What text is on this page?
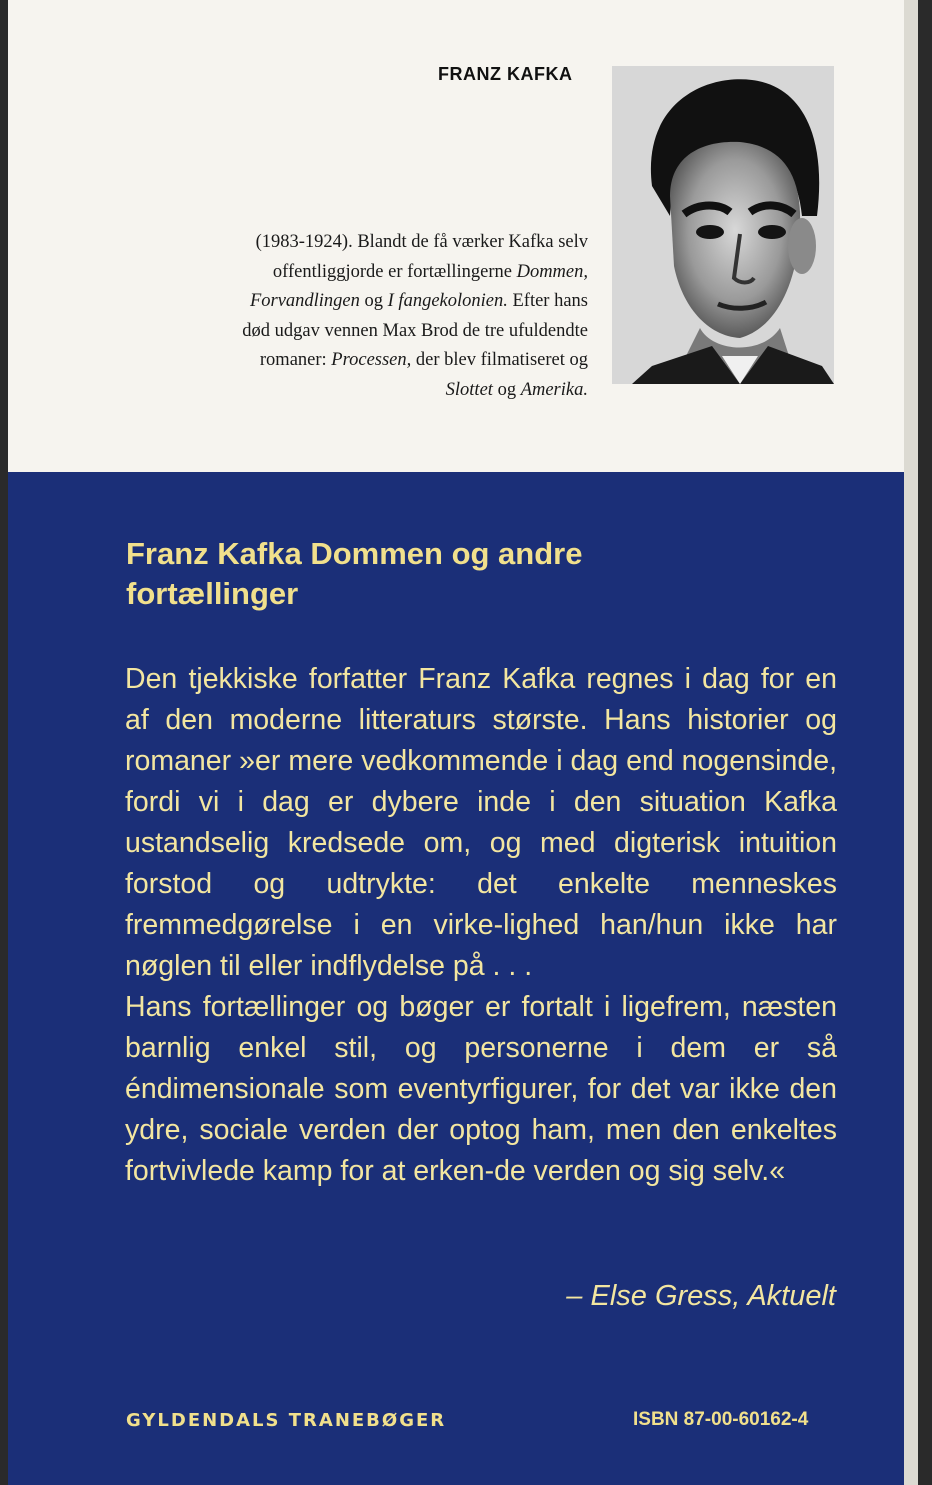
FRANZ KAFKA
(1983-1924). Blandt de få værker Kafka selv
offentliggjorde er fortællingerne Dommen,
Forvandlingen og I fangekolonien. Efter hans
død udgav vennen Max Brod de tre ufuldendte
romaner: Processen, der blev filmatiseret og
Slottet og Amerika.
Franz Kafka Dommen og andre
fortællinger
Den tjekkiske forfatter Franz Kafka regnes i dag for en af den moderne litteraturs største. Hans historier og romaner »er mere vedkommende i dag end nogensinde, fordi vi i dag er dybere inde i den situation Kafka ustandselig kredsede om, og med digterisk intuition forstod og udtrykte: det enkelte menneskes fremmedgørelse i en virke-lighed han/hun ikke har nøglen til eller indflydelse på . . .
Hans fortællinger og bøger er fortalt i ligefrem, næsten barnlig enkel stil, og personerne i dem er så éndimensionale som eventyrfigurer, for det var ikke den ydre, sociale verden der optog ham, men den enkeltes fortvivlede kamp for at erken-de verden og sig selv.«
– Else Gress, Aktuelt
GYLDENDALS TRANEBØGER	ISBN 87-00-60162-4
